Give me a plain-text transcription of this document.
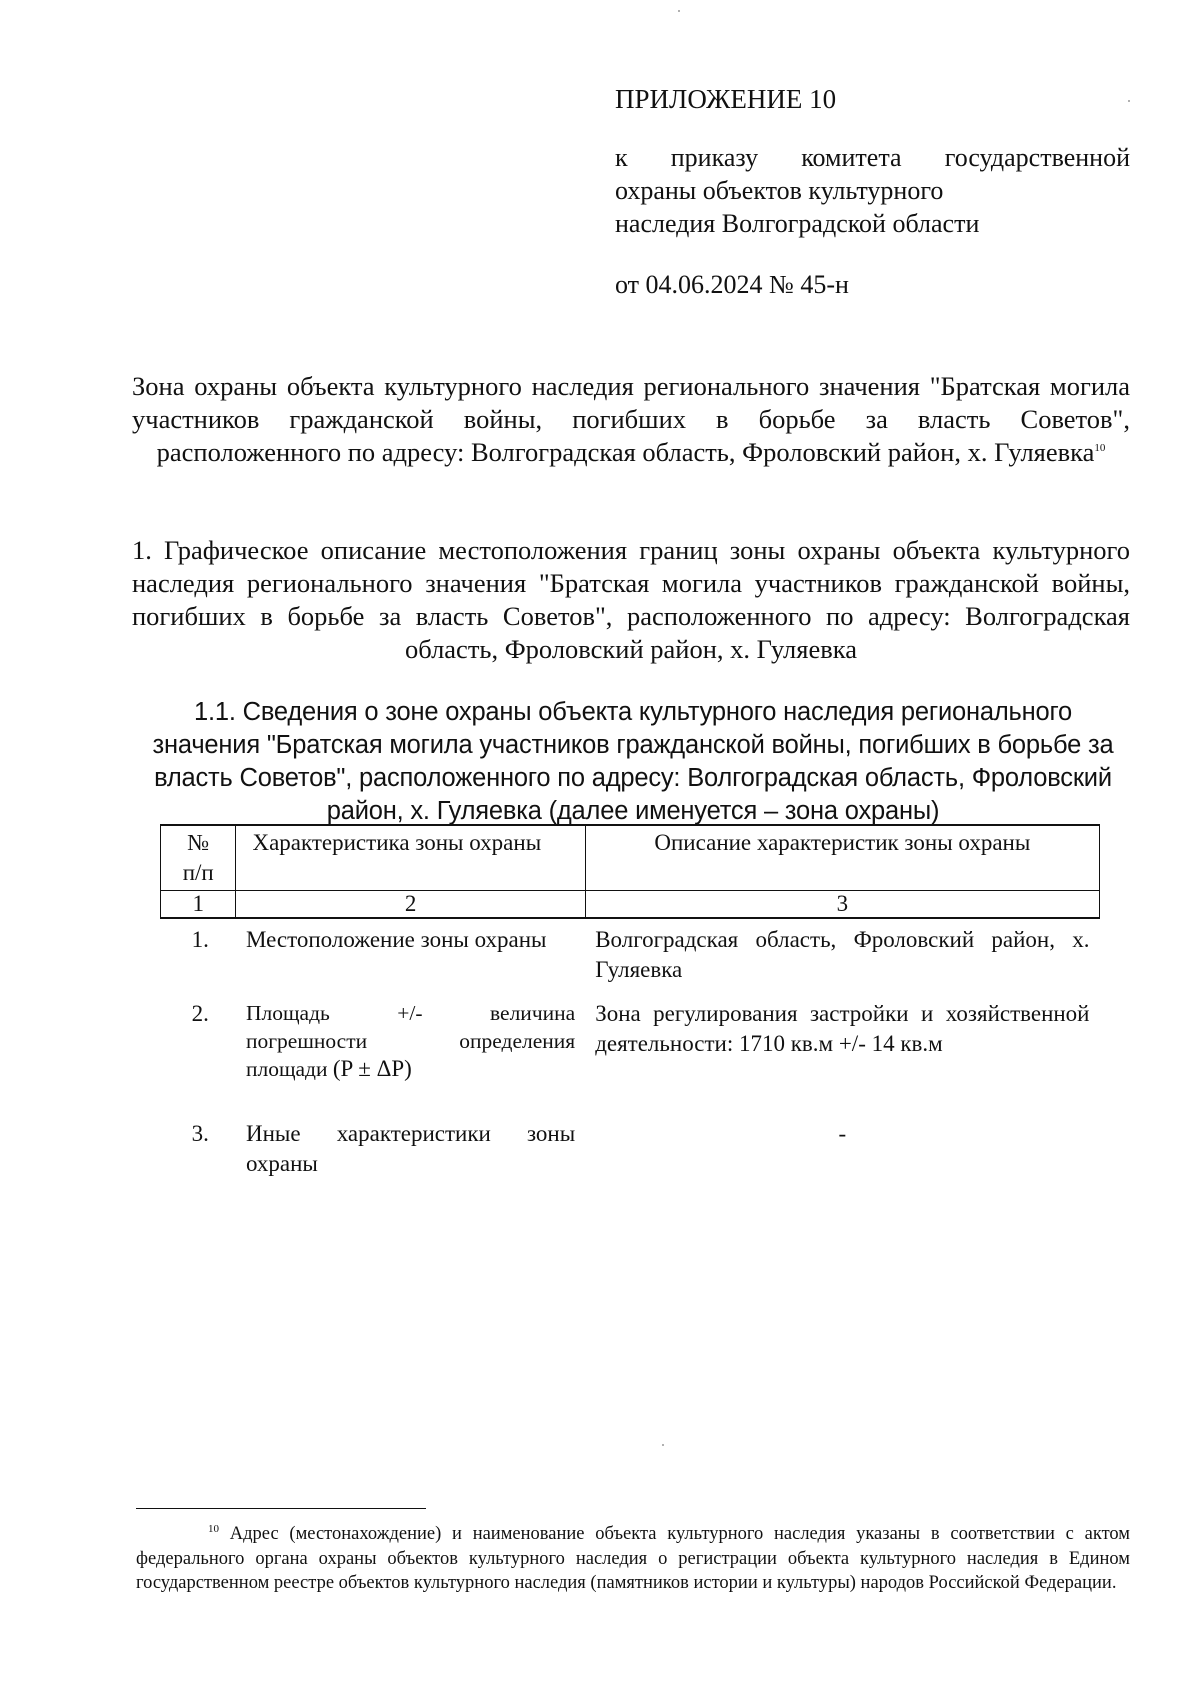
ПРИЛОЖЕНИЕ 10
к приказу комитета государственной
охраны объектов культурного
наследия Волгоградской области
от 04.06.2024 № 45-н
Зона охраны объекта культурного наследия регионального значения "Братская могила участников гражданской войны, погибших в борьбе за власть Советов", расположенного по адресу: Волгоградская область, Фроловский район, х. Гуляевка$^{10}$
1. Графическое описание местоположения границ зоны охраны объекта культурного наследия регионального значения "Братская могила участников гражданской войны, погибших в борьбе за власть Советов", расположенного по адресу: Волгоградская область, Фроловский район, х. Гуляевка
1.1. Сведения о зоне охраны объекта культурного наследия регионального
значения "Братская могила участников гражданской войны, погибших в борьбе за
власть Советов", расположенного по адресу: Волгоградская область, Фроловский
район, х. Гуляевка (далее именуется – зона охраны)
№
п/п	Характеристика зоны охраны	Описание характеристик зоны охраны
1	2	3
1.	Местоположение зоны охраны	Волгоградская область, Фроловский район, х. Гуляевка
2.	Площадь +/- величина погрешности определения площади (P ± ΔP)	Зона регулирования застройки и хозяйственной деятельности: 1710 кв.м +/- 14 кв.м
3.	Иные характеристики зоны охраны	-
$^{10}$ Адрес (местонахождение) и наименование объекта культурного наследия указаны в соответствии с актом федерального органа охраны объектов культурного наследия о регистрации объекта культурного наследия в Едином государственном реестре объектов культурного наследия (памятников истории и культуры) народов Российской Федерации.
